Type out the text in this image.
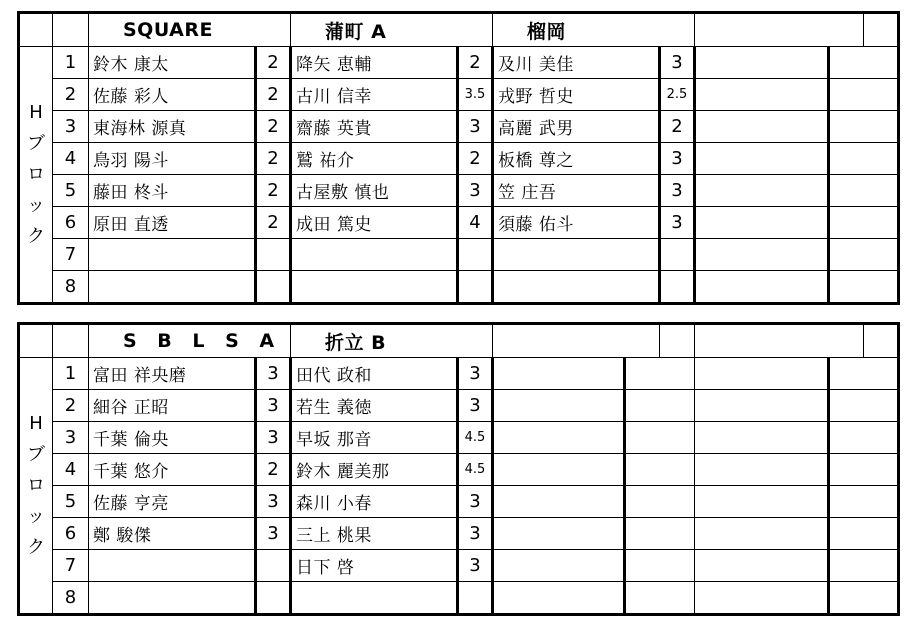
		SQUARE		蒲町 A		榴岡				

H
ブ
ロ
ッ
ク	1	鈴木 康太	2	降矢 恵輔	2	及川 美佳	3			
	2	佐藤 彩人	2	古川 信幸	3.5	戎野 哲史	2.5			
	3	東海林 源真	2	齋藤 英貴	3	高麗 武男	2			
	4	鳥羽 陽斗	2	鷲 祐介	2	板橋 尊之	3			
	5	藤田 柊斗	2	古屋敷 慎也	3	笠 庄吾	3			
	6	原田 直透	2	成田 篤史	4	須藤 佑斗	3			
	7									
	8									
		S B L S A		折立 B							

H
ブ
ロ
ッ
ク	1	富田 祥央磨	3	田代 政和	3						
	2	細谷 正昭	3	若生 義徳	3						
	3	千葉 倫央	3	早坂 那音	4.5						
	4	千葉 悠介	2	鈴木 麗美那	4.5						
	5	佐藤 亨亮	3	森川 小春	3						
	6	鄭 駿傑	3	三上 桃果	3						
	7			日下 啓	3						
	8										
